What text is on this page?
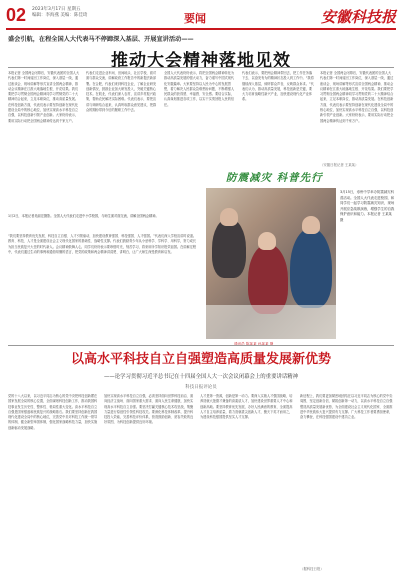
02 2023年3月17日 星期五
编辑：李海燕 美编：陈佳琦	要闻	安徽科技报
盛会引航，在程全国人大代表马不停蹄深入基层、开展宣讲活动——
推动大会精神落地见效
本报记者 全国两会闭幕后，安徽代表团的全国人大代表们第一时间返回工作岗位，深入基层一线，通过座谈会、现场讲解等形式宣讲全国两会精神，推动会议精神在江淮大地落地生根、开花结果。我们要把学习贯彻全国两会精神同学习贯彻党的二十大精神结合起来，立足本职岗位，推动高质量发展。在科技创新方面，代表们表示要坚持创新在现代化建设全局中的核心地位，加快实现高水平科技自立自强，以科技创新引领产业创新。大家纷纷表示，要用实际行动把全国两会精神传达到千家万户。
代表们走进企业车间、田间地头、社区学校，面对面与群众交流，讲解政府工作报告中的新提法新部署。在合肥，代表们来到科技企业，了解企业研发创新情况，鼓励企业加大研发投入，突破关键核心技术。在皖北，代表们深入农村，宣讲乡村振兴政策，帮助农民解决实际困难。代表们表示，要把宣讲与调研结合起来，认真听取群众意见建议，把群众的期盼带到今后的履职工作中去。
全国人大代表纷纷表示，将把全国两会精神转化为推动高质量发展的强大动力，奋力谱写中国式现代化安徽篇章。大家要坚持以人民为中心的发展思想，着力解决人民群众急难愁盼问题，不断增强人民群众的获得感、幸福感、安全感。要结合实际，认真谋划推进各项工作，以实干实绩回报人民的信任。
代表们表示，要把两会精神带回去，把工作任务落下去，以奋发有为的精神状态投入到工作中。“我将继续深入基层，倾听群众声音，反映群众诉求。”代表们认为，推动高质量发展，科技创新是关键，要大力培育战略性新兴产业，加快建设现代化产业体系。
本报记者 全国两会闭幕后，安徽代表团的全国人大代表们第一时间返回工作岗位，深入基层一线，通过座谈会、现场讲解等形式宣讲全国两会精神，推动会议精神在江淮大地落地生根、开花结果。我们要把学习贯彻全国两会精神同学习贯彻党的二十大精神结合起来，立足本职岗位，推动高质量发展。在科技创新方面，代表们表示要坚持创新在现代化建设全局中的核心地位，加快实现高水平科技自立自强，以科技创新引领产业创新。大家纷纷表示，要用实际行动把全国两会精神传达到千家万户。
（安徽日报记者 王某某）
1月2日，本报记者吴丽宏摄影。全国人大代表们走进中小学校园，与师生面对面交流，讲解全国两会精神。
“我们要坚持教育优先发展、科技自立自强、人才引领驱动，加快建设教育强国、科技强国、人才强国。”代表们深入学校宣讲时说道。教育、科技、人才是全面建设社会主义现代化国家的基础性、战略性支撑。代表们鼓励青少年从小爱科学、学科学、用科学，努力成长为担当民族复兴大任的时代新人。会议精神鼓舞人心，同学们纷纷表示要珍惜时光，刻苦学习，将来用所学知识报效祖国。在讲解过程中，代表们通过生动的事例和通俗易懂的语言，把党的政策和两会精神讲清楚、讲明白，让广大师生深受教育和启发。
防震减灾 科普先行
3月15日，寿州中学举办防震减灾科普活动。全国人大代表走进校园，和同学们一起学习防震减灾知识，现场开展应急疏散演练，增强学生的自我保护意识和能力。本报记者 王某某 摄
通讯员 陈某某 孙某某 摄
以高水平科技自立自强塑造高质量发展新优势
——论学习贯彻习近平总书记在十四届全国人大一次会议闭幕会上的重要讲话精神
科技日报评论员
党的十八大以来，以习近平同志为核心的党中央把科技创新摆在国家发展全局的核心位置，全面谋划科技创新工作，推动我国科技事业发生历史性、整体性、格局性重大变化。高水平科技自立自强是国家强盛和民族复兴的战略基石。我们要坚持创新在我国现代化建设全局中的核心地位，完善党中央对科技工作统一领导的体制，健全新型举国体制，强化国家战略科技力量，加快实施创新驱动发展战略。
加快实现高水平科技自立自强，必须坚持面向世界科技前沿、面向经济主战场、面向国家重大需求、面向人民生命健康，加快实现高水平科技自立自强。要坚决打赢关键核心技术攻坚战，集聚力量进行原创性引领性科技攻关。要深化科技体制改革，提升科技投入效能，完善科技评价体系，营造鼓励创新、宽容失败的良好氛围，为科技创新提供良好环境。
人才是第一资源，创新是第一动力。要深入实施人才强国战略，培养造就大批德才兼备的高素质人才，加快建设世界重要人才中心和创新高地。要坚持教育优先发展，办好人民满意的教育，全面提高人才自主培养质量，着力造就拔尖创新人才，聚天下英才而用之，为建设科技强国提供坚实人才支撑。
新征程上，我们要更加紧密地团结在以习近平同志为核心的党中央周围，坚定创新自信，紧抓创新第一动力，以高水平科技自立自强塑造高质量发展新优势，为全面建设社会主义现代化国家、全面推进中华民族伟大复兴提供有力支撑。广大科技工作者要勇担使命，奋力攀登，在科技强国建设中建功立业。
（据科技日报）
